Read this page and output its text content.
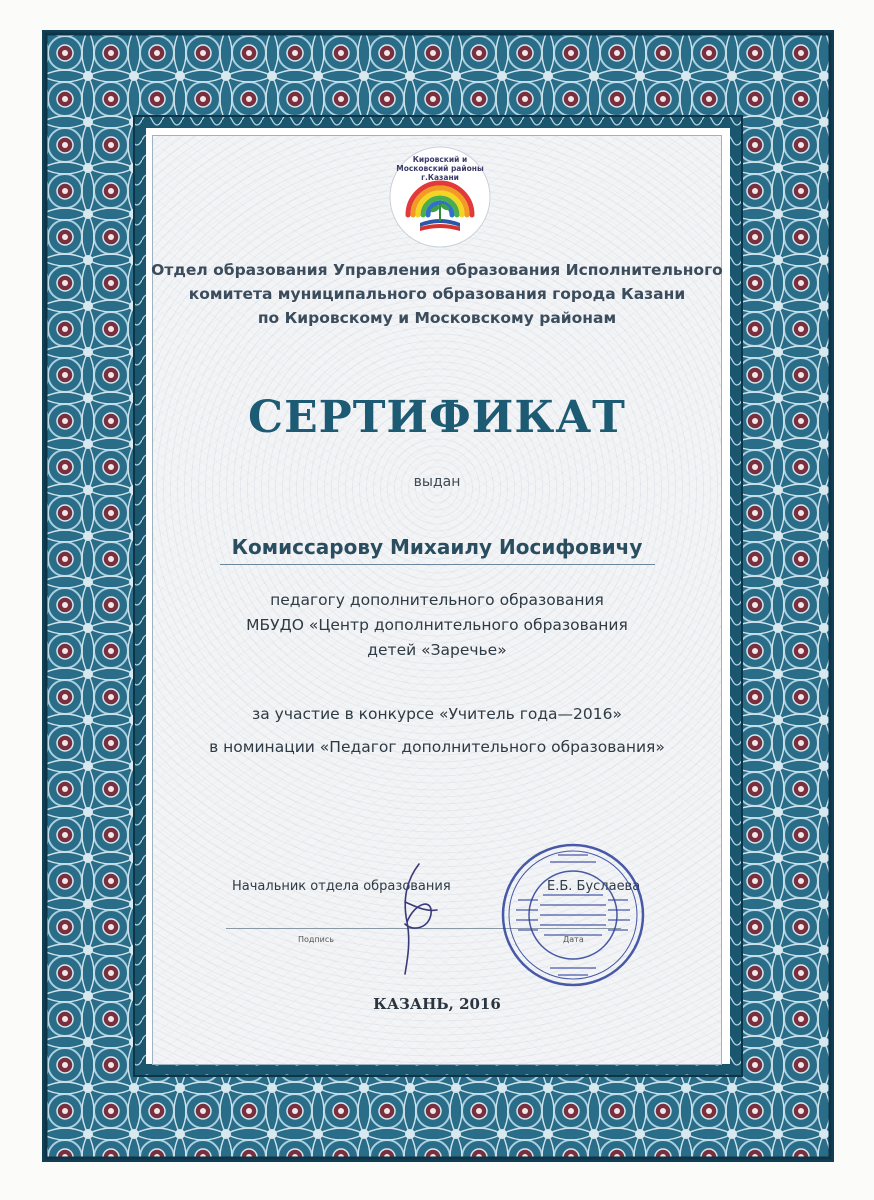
Кировский и Московский районы г.Казани
Отдел образования Управления образования Исполнительного
комитета муниципального образования города Казани
по Кировскому и Московскому районам
СЕРТИФИКАТ
выдан
Комиссарову Михаилу Иосифовичу
педагогу дополнительного образования
МБУДО «Центр дополнительного образования
детей «Заречье»
за участие в конкурсе «Учитель года—2016»
в номинации «Педагог дополнительного образования»
Начальник отдела образования	Е.Б. Буслаева
Подпись	Дата
КАЗАНЬ, 2016
